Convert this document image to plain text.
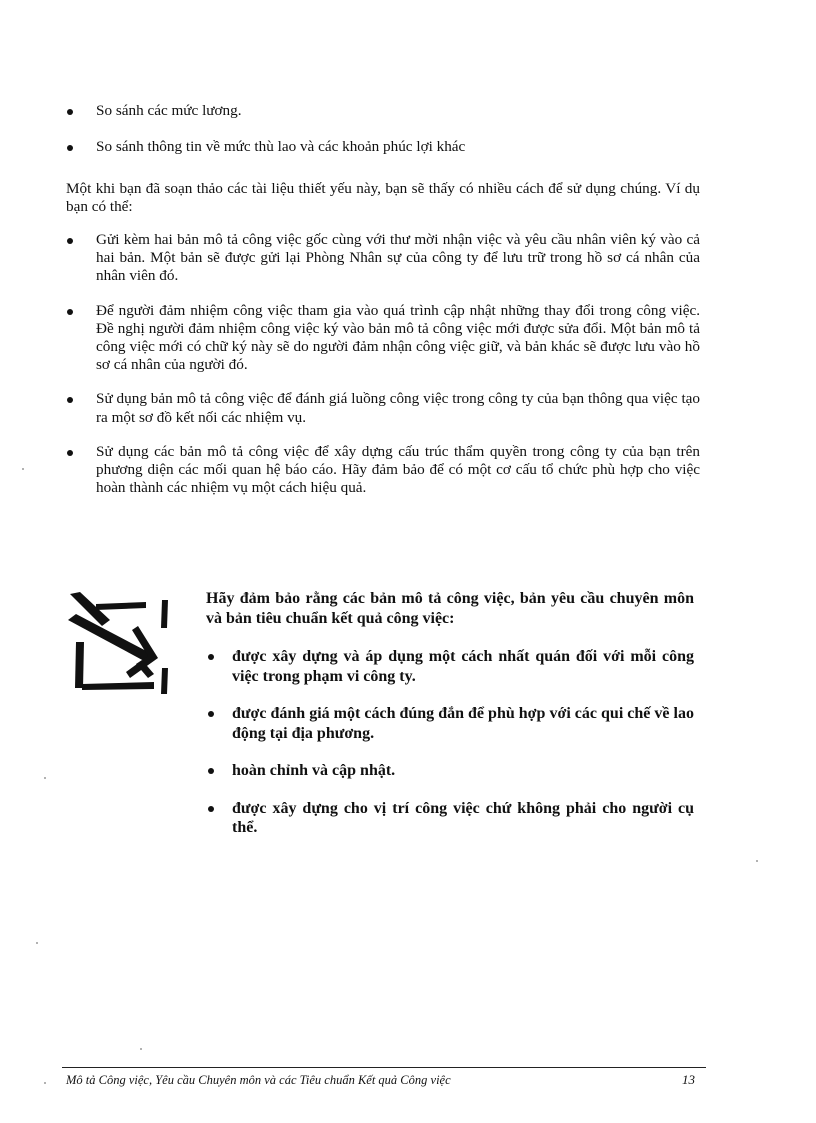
So sánh các mức lương.
So sánh thông tin về mức thù lao và các khoản phúc lợi khác

Một khi bạn đã soạn thảo các tài liệu thiết yếu này, bạn sẽ thấy có nhiều cách để sử dụng chúng. Ví dụ bạn có thể:

Gửi kèm hai bản mô tả công việc gốc cùng với thư mời nhận việc và yêu cầu nhân viên ký vào cả hai bản. Một bản sẽ được gửi lại Phòng Nhân sự của công ty để lưu trữ trong hồ sơ cá nhân của nhân viên đó.
Để người đảm nhiệm công việc tham gia vào quá trình cập nhật những thay đổi trong công việc. Đề nghị người đảm nhiệm công việc ký vào bản mô tả công việc mới được sửa đổi. Một bản mô tả công việc mới có chữ ký này sẽ do người đảm nhận công việc giữ, và bản khác sẽ được lưu vào hồ sơ cá nhân của người đó.
Sử dụng bản mô tả công việc để đánh giá luồng công việc trong công ty của bạn thông qua việc tạo ra một sơ đồ kết nối các nhiệm vụ.
Sử dụng các bản mô tả công việc để xây dựng cấu trúc thẩm quyền trong công ty của bạn trên phương diện các mối quan hệ báo cáo. Hãy đảm bảo để có một cơ cấu tổ chức phù hợp cho việc hoàn thành các nhiệm vụ một cách hiệu quả.

Hãy đảm bảo rằng các bản mô tả công việc, bản yêu cầu chuyên môn và bản tiêu chuẩn kết quả công việc:

được xây dựng và áp dụng một cách nhất quán đối với mỗi công việc trong phạm vi công ty.
được đánh giá một cách đúng đắn để phù hợp với các qui chế về lao động tại địa phương.
hoàn chỉnh và cập nhật.
được xây dựng cho vị trí công việc chứ không phải cho người cụ thể.
Mô tả Công việc, Yêu cầu Chuyên môn và các Tiêu chuẩn Kết quả Công việc	13
